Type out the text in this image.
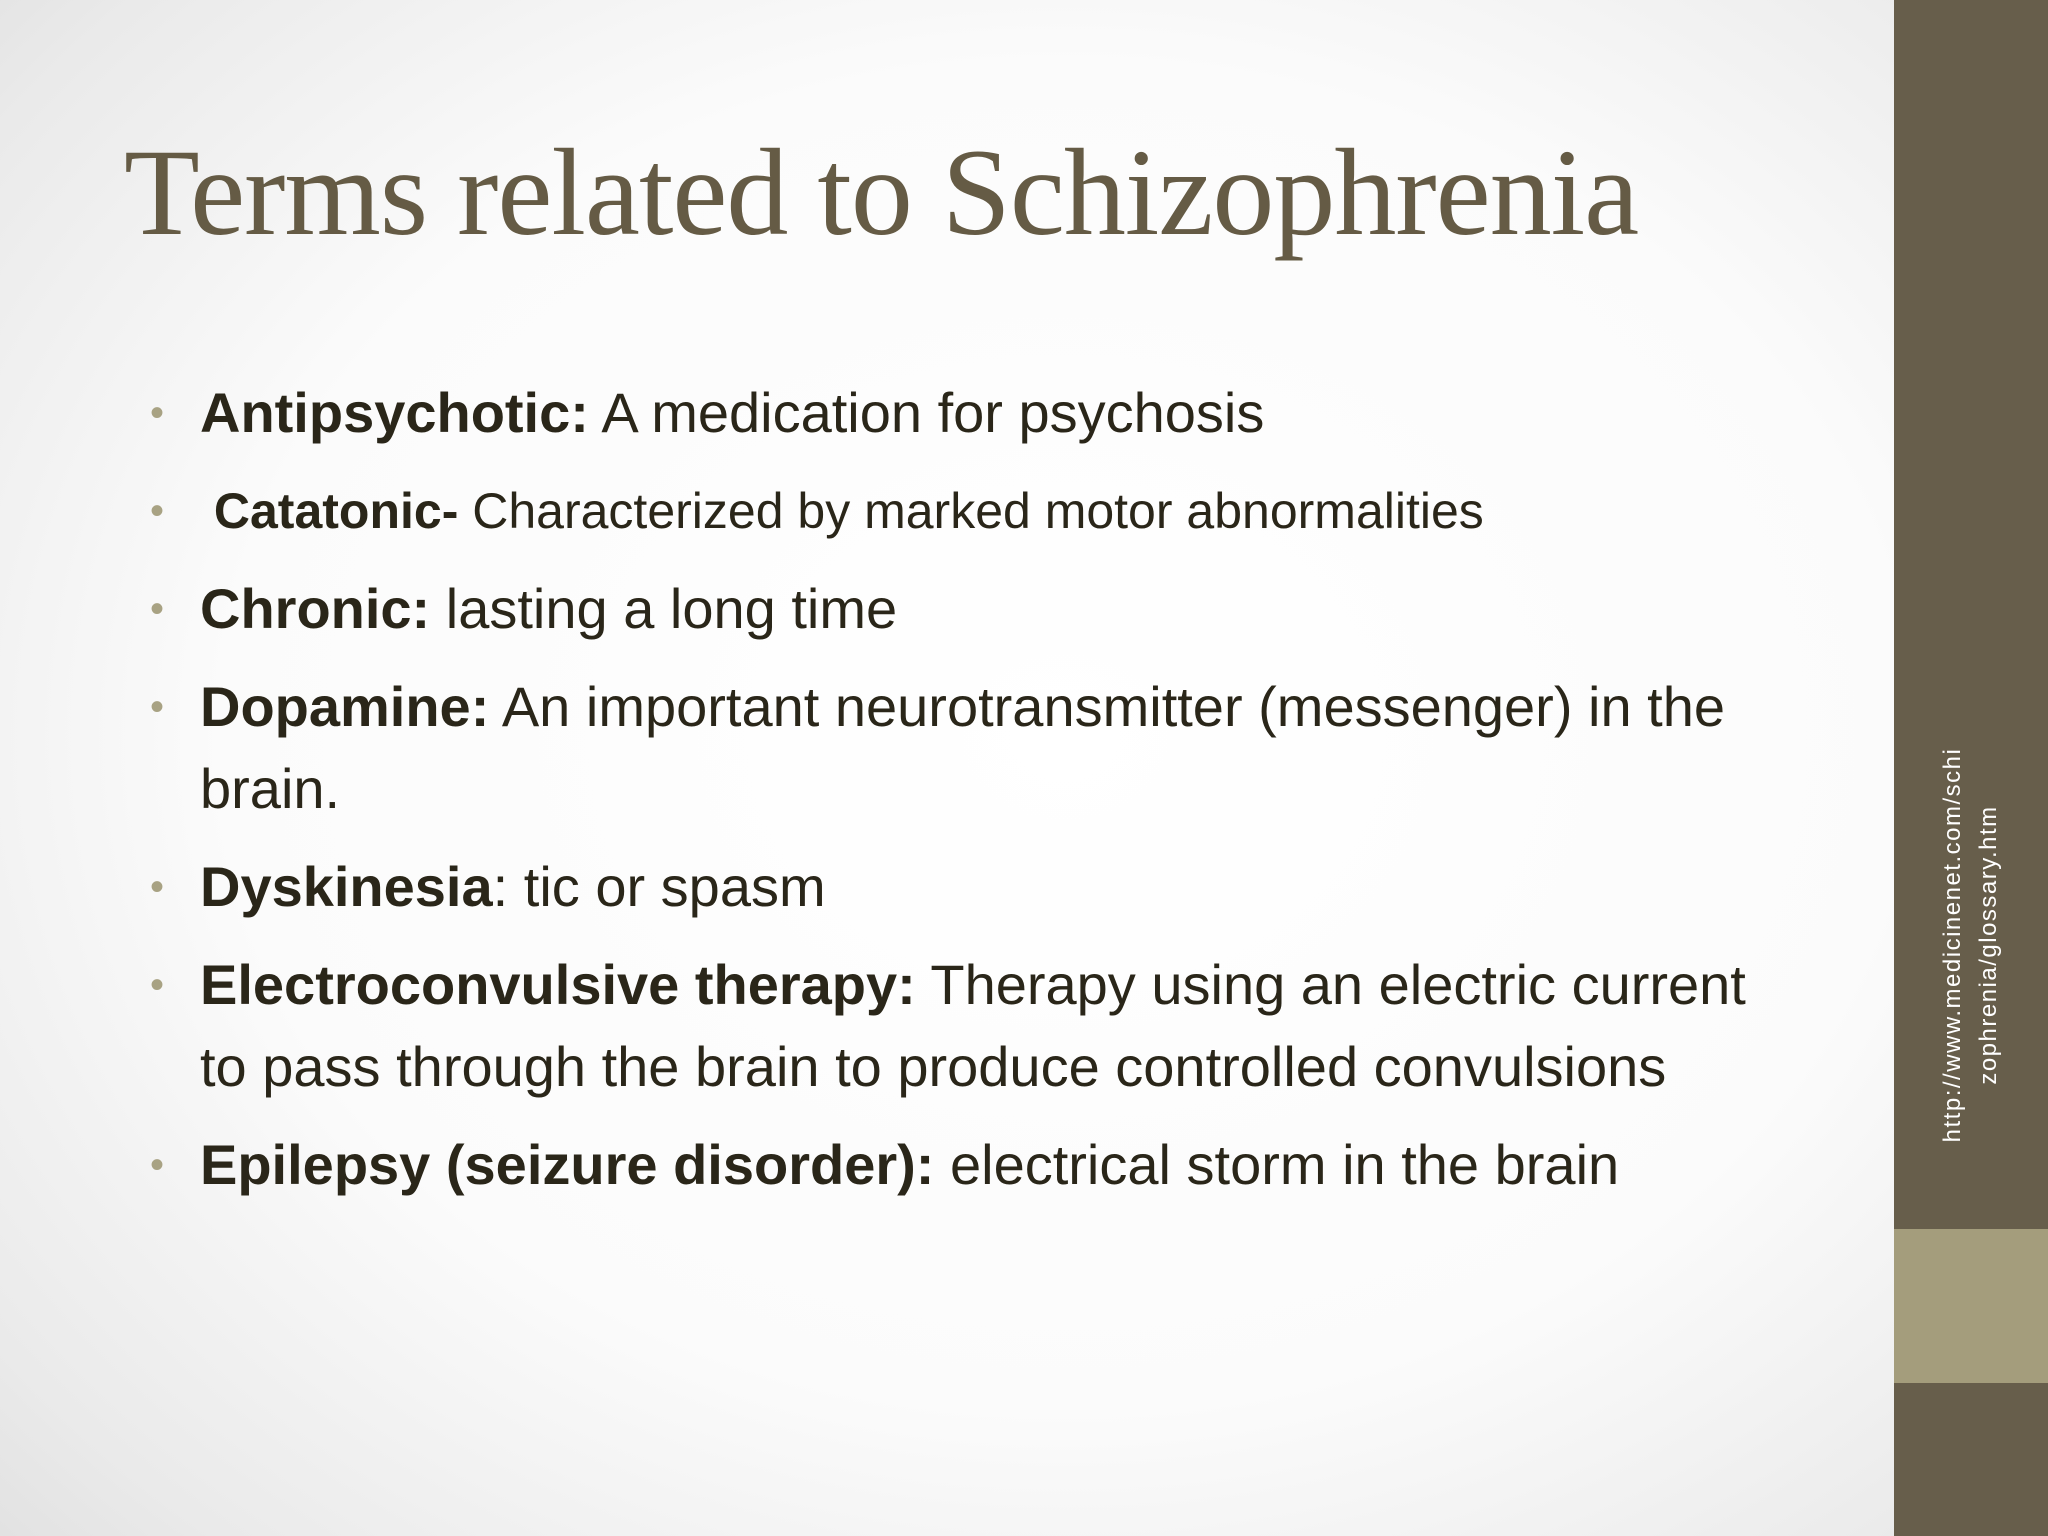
Terms related to Schizophrenia
• Antipsychotic: A medication for psychosis
• Catatonic- Characterized by marked motor abnormalities
• Chronic: lasting a long time
• Dopamine: An important neurotransmitter (messenger) in the brain.
• Dyskinesia: tic or spasm
• Electroconvulsive therapy: Therapy using an electric current to pass through the brain to produce controlled convulsions
• Epilepsy (seizure disorder): electrical storm in the brain
http://www.medicinenet.com/schi zophrenia/glossary.htm
